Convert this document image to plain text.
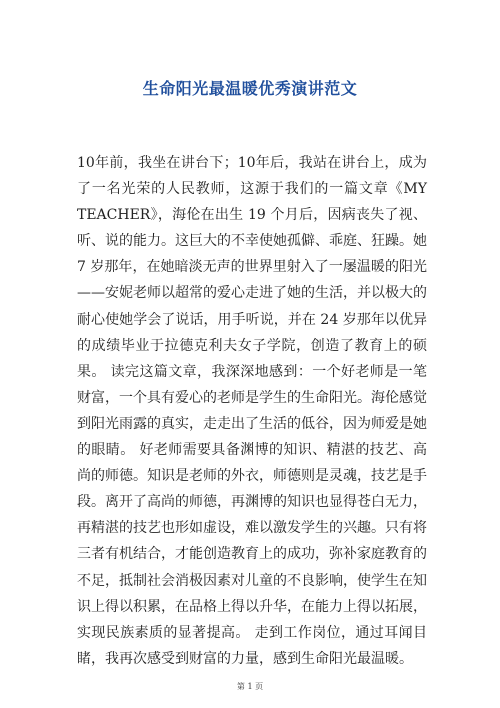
生命阳光最温暖优秀演讲范文

10年前，我坐在讲台下；10年后，我站在讲台上，成为了一名光荣的人民教师，这源于我们的一篇文章《MY TEACHER》，海伦在出生 19 个月后，因病丧失了视、听、说的能力。这巨大的不幸使她孤僻、乖庭、狂躁。她 7 岁那年，在她暗淡无声的世界里射入了一屡温暖的阳光——安妮老师以超常的爱心走进了她的生活，并以极大的耐心使她学会了说话，用手听说，并在 24 岁那年以优异的成绩毕业于拉德克利夫女子学院，创造了教育上的硕果。 读完这篇文章，我深深地感到：一个好老师是一笔财富，一个具有爱心的老师是学生的生命阳光。海伦感觉到阳光雨露的真实，走走出了生活的低谷，因为师爱是她的眼睛。 好老师需要具备渊博的知识、精湛的技艺、高尚的师德。知识是老师的外衣，师德则是灵魂，技艺是手段。离开了高尚的师德，再渊博的知识也显得苍白无力，再精湛的技艺也形如虚设，难以激发学生的兴趣。只有将三者有机结合，才能创造教育上的成功，弥补家庭教育的不足，抵制社会消极因素对儿童的不良影响，使学生在知识上得以积累，在品格上得以升华，在能力上得以拓展，实现民族素质的显著提高。 走到工作岗位，通过耳闻目睹，我再次感受到财富的力量，感到生命阳光最温暖。

第 1 页
